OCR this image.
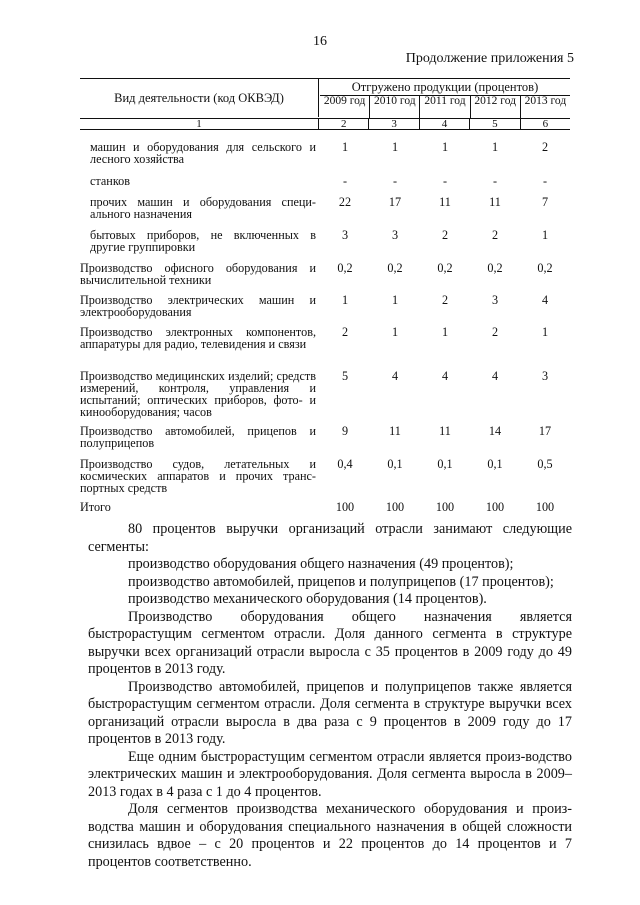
16
Продолжение приложения 5
Вид деятельности (код ОКВЭД)
Отгружено продукции (процентов)
2009 год 2010 год 2011 год 2012 год 2013 год
1	2	3	4	5	6
машин и оборудования для сельского и лесного хозяйства
1	1	1	1	2
станков	-	-	-	-	-
прочих машин и оборудования специ-ального назначения
22	17	11	11	7
бытовых приборов, не включенных в другие группировки
3	3	2	2	1
Производство офисного оборудования и вычислительной техники
0,2	0,2	0,2	0,2	0,2
Производство электрических машин и электрооборудования
1	1	2	3	4
Производство электронных компонентов, аппаратуры для радио, телевидения и связи
2	1	1	2	1
Производство медицинских изделий; средств измерений, контроля, управления и испытаний; оптических приборов, фото- и кинооборудования; часов
5	4	4	4	3
Производство автомобилей, прицепов и полуприцепов
9	11	11	14	17
Производство судов, летательных и космических аппаратов и прочих транс-портных средств
0,4	0,1	0,1	0,1	0,5
Итого	100	100	100	100	100

80 процентов выручки организаций отрасли занимают следующие сегменты:

производство оборудования общего назначения (49 процентов);

производство автомобилей, прицепов и полуприцепов (17 процентов);

производство механического оборудования (14 процентов).

Производство оборудования общего назначения является быстрорастущим сегментом отрасли. Доля данного сегмента в структуре выручки всех организаций отрасли выросла с 35 процентов в 2009 году до 49 процентов в 2013 году.

Производство автомобилей, прицепов и полуприцепов также является быстрорастущим сегментом отрасли. Доля сегмента в структуре выручки всех организаций отрасли выросла в два раза с 9 процентов в 2009 году до 17 процентов в 2013 году.

Еще одним быстрорастущим сегментом отрасли является произ-водство электрических машин и электрооборудования. Доля сегмента выросла в 2009–2013 годах в 4 раза с 1 до 4 процентов.

Доля сегментов производства механического оборудования и произ-водства машин и оборудования специального назначения в общей сложности снизилась вдвое – с 20 процентов и 22 процентов до 14 процентов и 7 процентов соответственно.
